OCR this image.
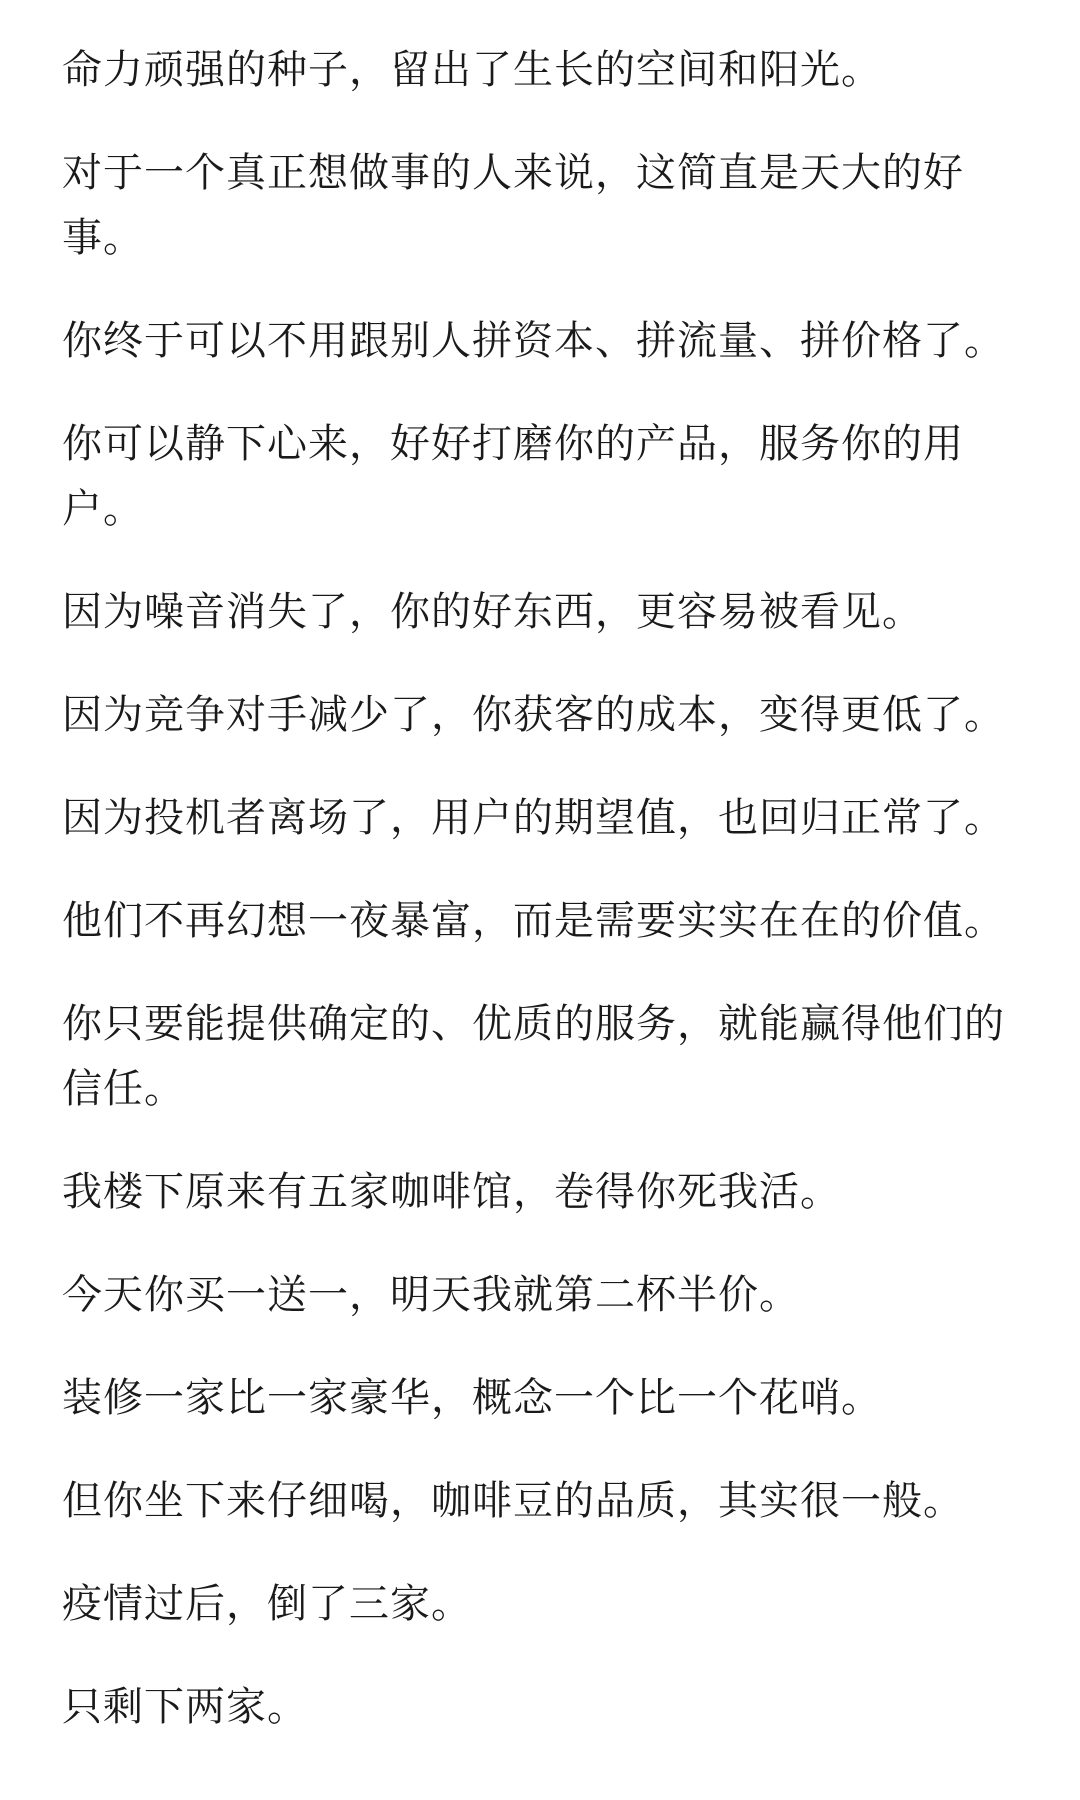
命力顽强的种子，留出了生长的空间和阳光。

对于一个真正想做事的人来说，这简直是天大的好事。

你终于可以不用跟别人拼资本、拼流量、拼价格了。

你可以静下心来，好好打磨你的产品，服务你的用户。

因为噪音消失了，你的好东西，更容易被看见。

因为竞争对手减少了，你获客的成本，变得更低了。

因为投机者离场了，用户的期望值，也回归正常了。

他们不再幻想一夜暴富，而是需要实实在在的价值。

你只要能提供确定的、优质的服务，就能赢得他们的信任。

我楼下原来有五家咖啡馆，卷得你死我活。

今天你买一送一，明天我就第二杯半价。

装修一家比一家豪华，概念一个比一个花哨。

但你坐下来仔细喝，咖啡豆的品质，其实很一般。

疫情过后，倒了三家。

只剩下两家。
